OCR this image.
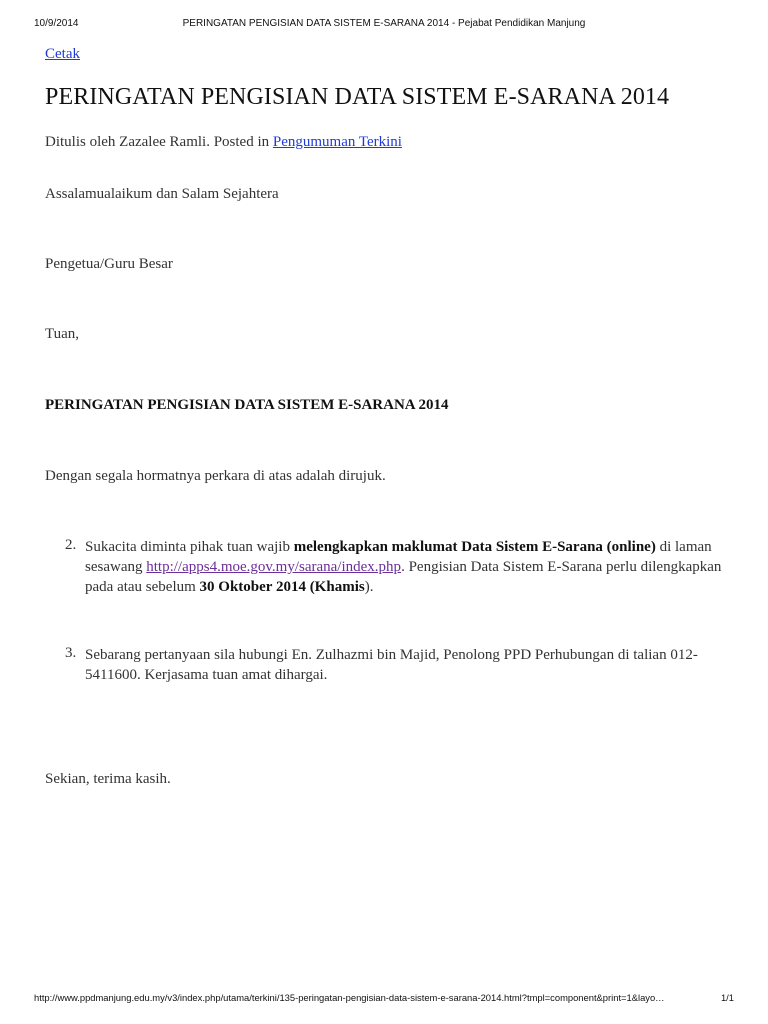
10/9/2014	PERINGATAN PENGISIAN DATA SISTEM E-SARANA 2014 - Pejabat Pendidikan Manjung
Cetak
PERINGATAN PENGISIAN DATA SISTEM E-SARANA 2014
Ditulis oleh Zazalee Ramli. Posted in Pengumuman Terkini
Assalamualaikum dan Salam Sejahtera
Pengetua/Guru Besar
Tuan,
PERINGATAN PENGISIAN DATA SISTEM E-SARANA 2014
Dengan segala hormatnya perkara di atas adalah dirujuk.
2. Sukacita diminta pihak tuan wajib melengkapkan maklumat Data Sistem E-Sarana (online) di laman sesawang http://apps4.moe.gov.my/sarana/index.php. Pengisian Data Sistem E-Sarana perlu dilengkapkan pada atau sebelum 30 Oktober 2014 (Khamis).
3. Sebarang pertanyaan sila hubungi En. Zulhazmi bin Majid, Penolong PPD Perhubungan di talian 012-5411600. Kerjasama tuan amat dihargai.
Sekian, terima kasih.
http://www.ppdmanjung.edu.my/v3/index.php/utama/terkini/135-peringatan-pengisian-data-sistem-e-sarana-2014.html?tmpl=component&print=1&layo…	1/1
